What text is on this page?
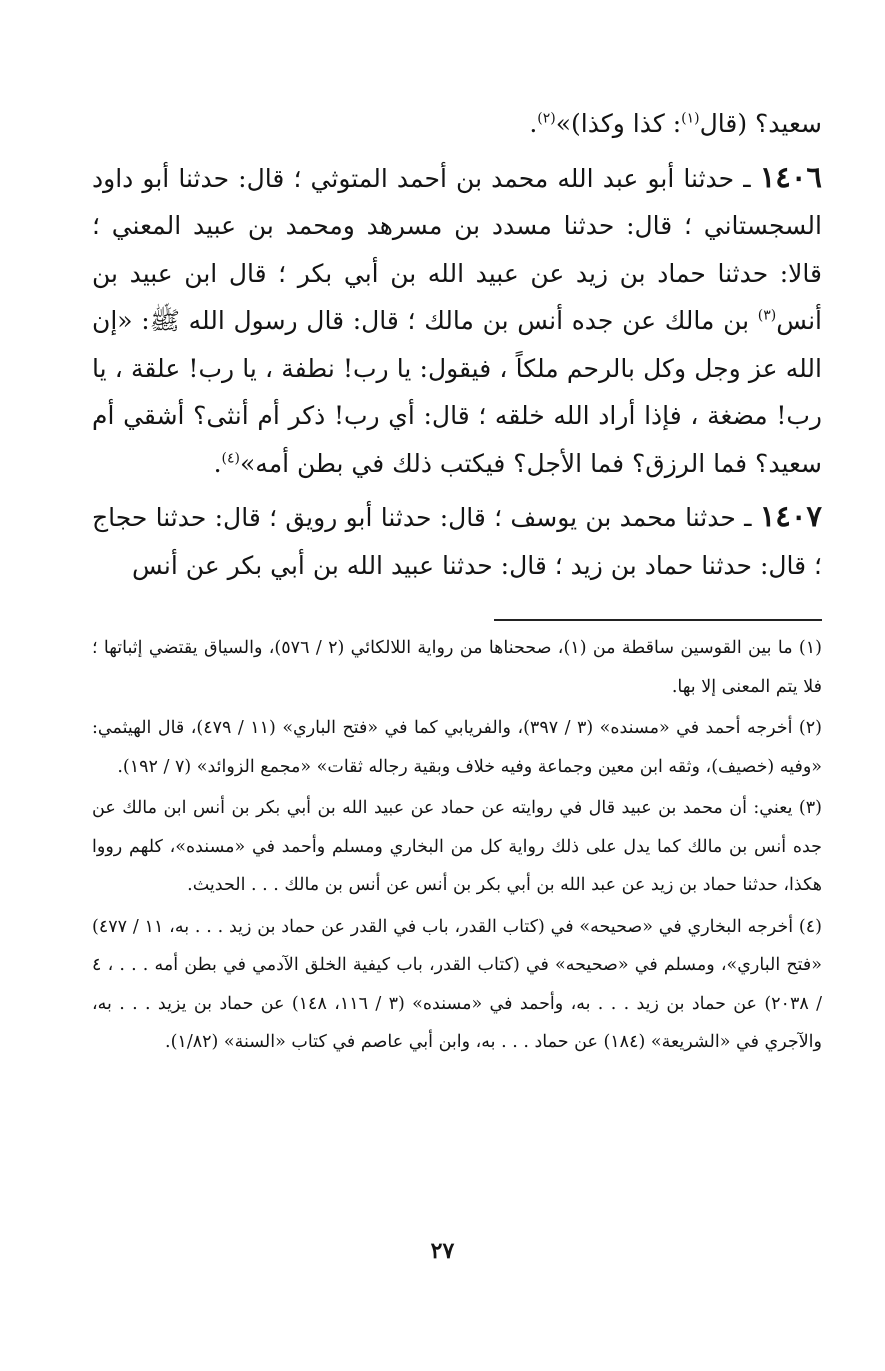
سعيد؟ (قال$^{(١)}$: كذا وكذا)»$^{(٢)}$.

١٤٠٦ ـ حدثنا أبو عبد الله محمد بن أحمد المتوثي ؛ قال: حدثنا أبو داود السجستاني ؛ قال: حدثنا مسدد بن مسرهد ومحمد بن عبيد المعني ؛ قالا: حدثنا حماد بن زيد عن عبيد الله بن أبي بكر ؛ قال ابن عبيد بن أنس$^{(٣)}$ بن مالك عن جده أنس بن مالك ؛ قال: قال رسول الله ﷺ: «إن الله عز وجل وكل بالرحم ملكاً ، فيقول: يا رب! نطفة ، يا رب! علقة ، يا رب! مضغة ، فإذا أراد الله خلقه ؛ قال: أي رب! ذكر أم أنثى؟ أشقي أم سعيد؟ فما الرزق؟ فما الأجل؟ فيكتب ذلك في بطن أمه»$^{(٤)}$.

١٤٠٧ ـ حدثنا محمد بن يوسف ؛ قال: حدثنا أبو رويق ؛ قال: حدثنا حجاج ؛ قال: حدثنا حماد بن زيد ؛ قال: حدثنا عبيد الله بن أبي بكر عن أنس

(١) ما بين القوسين ساقطة من (١)، صححناها من رواية اللالكائي (٢ / ٥٧٦)، والسياق يقتضي إثباتها ؛ فلا يتم المعنى إلا بها.

(٢) أخرجه أحمد في «مسنده» (٣ / ٣٩٧)، والفريابي كما في «فتح الباري» (١١ / ٤٧٩)، قال الهيثمي: «وفيه (خصيف)، وثقه ابن معين وجماعة وفيه خلاف وبقية رجاله ثقات» «مجمع الزوائد» (٧ / ١٩٢).

(٣) يعني: أن محمد بن عبيد قال في روايته عن حماد عن عبيد الله بن أبي بكر بن أنس ابن مالك عن جده أنس بن مالك كما يدل على ذلك رواية كل من البخاري ومسلم وأحمد في «مسنده»، كلهم رووا هكذا، حدثنا حماد بن زيد عن عبد الله بن أبي بكر بن أنس عن أنس بن مالك . . . الحديث.

(٤) أخرجه البخاري في «صحيحه» في (كتاب القدر، باب في القدر عن حماد بن زيد . . . به، ١١ / ٤٧٧) «فتح الباري»، ومسلم في «صحيحه» في (كتاب القدر، باب كيفية الخلق الآدمي في بطن أمه . . . ، ٤ / ٢٠٣٨) عن حماد بن زيد . . . به، وأحمد في «مسنده» (٣ / ١١٦، ١٤٨) عن حماد بن يزيد . . . به، والآجري في «الشريعة» (١٨٤) عن حماد . . . به، وابن أبي عاصم في كتاب «السنة» (١/٨٢).

٢٧
